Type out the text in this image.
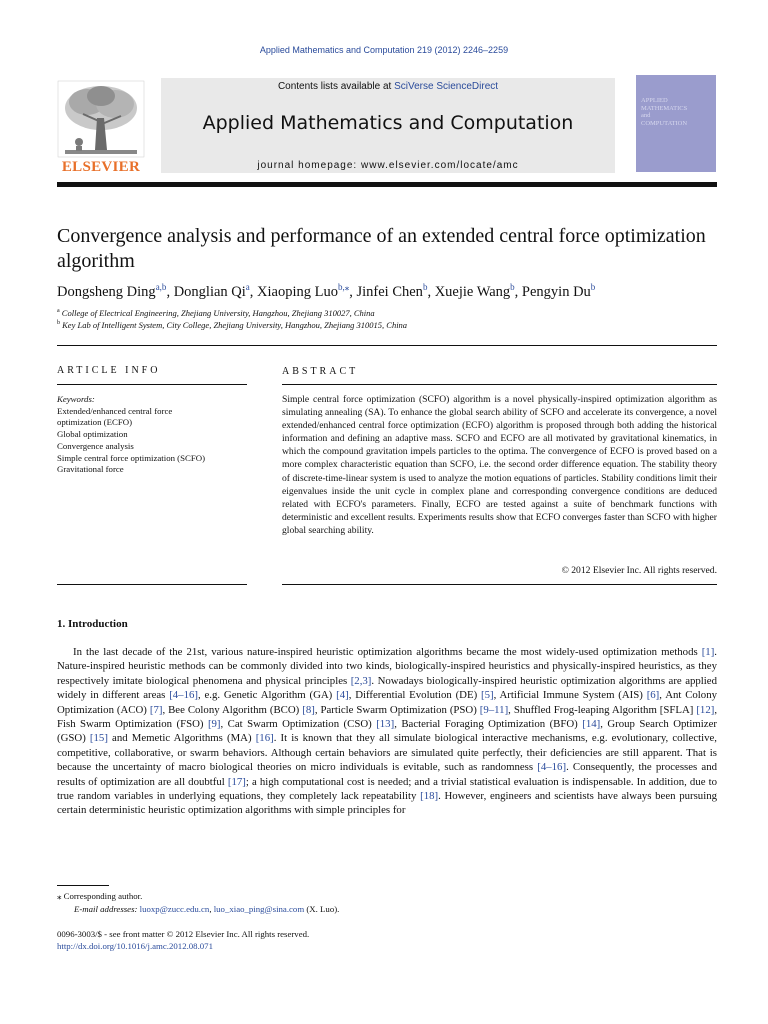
Applied Mathematics and Computation 219 (2012) 2246–2259
ELSEVIER
Contents lists available at SciVerse ScienceDirect
Applied Mathematics and Computation
journal homepage: www.elsevier.com/locate/amc
APPLIED
MATHEMATICS
and
COMPUTATION
Convergence analysis and performance of an extended central force optimization algorithm
Dongsheng Ding$^{a,b}$, Donglian Qi$^a$, Xiaoping Luo$^{b,⁎}$, Jinfei Chen$^b$, Xuejie Wang$^b$, Pengyin Du$^b$
$^a$ College of Electrical Engineering, Zhejiang University, Hangzhou, Zhejiang 310027, China
$^b$ Key Lab of Intelligent System, City College, Zhejiang University, Hangzhou, Zhejiang 310015, China
ARTICLE INFO
Keywords:
Extended/enhanced central force
optimization (ECFO)
Global optimization
Convergence analysis
Simple central force optimization (SCFO)
Gravitational force
ABSTRACT
Simple central force optimization (SCFO) algorithm is a novel physically-inspired optimization algorithm as simulating annealing (SA). To enhance the global search ability of SCFO and accelerate its convergence, a novel extended/enhanced central force optimization (ECFO) algorithm is proposed through both adding the historical information and defining an adaptive mass. SCFO and ECFO are all motivated by gravitational kinematics, in which the compound gravitation impels particles to the optima. The convergence of ECFO is proved based on a more complex characteristic equation than SCFO, i.e. the second order difference equation. The stability theory of discrete-time-linear system is used to analyze the motion equations of particles. Stability conditions limit their eigenvalues inside the unit cycle in complex plane and corresponding convergence conditions are deduced related with ECFO's parameters. Finally, ECFO are tested against a suite of benchmark functions with deterministic and excellent results. Experiments results show that ECFO converges faster than SCFO with higher global searching ability.
© 2012 Elsevier Inc. All rights reserved.
1. Introduction
In the last decade of the 21st, various nature-inspired heuristic optimization algorithms became the most widely-used optimization methods [1]. Nature-inspired heuristic methods can be commonly divided into two kinds, biologically-inspired heuristics and physically-inspired heuristics, as they respectively imitate biological phenomena and physical principles [2,3]. Nowadays biologically-inspired heuristic optimization algorithms are applied widely in different areas [4–16], e.g. Genetic Algorithm (GA) [4], Differential Evolution (DE) [5], Artificial Immune System (AIS) [6], Ant Colony Optimization (ACO) [7], Bee Colony Algorithm (BCO) [8], Particle Swarm Optimization (PSO) [9–11], Shuffled Frog-leaping Algorithm [SFLA] [12], Fish Swarm Optimization (FSO) [9], Cat Swarm Optimization (CSO) [13], Bacterial Foraging Optimization (BFO) [14], Group Search Optimizer (GSO) [15] and Memetic Algorithms (MA) [16]. It is known that they all simulate biological interactive mechanisms, e.g. evolutionary, collective, competitive, collaborative, or swarm behaviors. Although certain behaviors are simulated quite perfectly, their deficiencies are still apparent. That is because the uncertainty of macro biological theories on micro individuals is evitable, such as randomness [4–16]. Consequently, the processes and results of optimization are all doubtful [17]; a high computational cost is needed; and a trivial statistical evaluation is indispensable. In addition, due to true random variables in underlying equations, they completely lack repeatability [18]. However, engineers and scientists have always been pursuing certain deterministic heuristic optimization algorithms with simple principles for
⁎ Corresponding author.
E-mail addresses: luoxp@zucc.edu.cn, luo_xiao_ping@sina.com (X. Luo).
0096-3003/$ - see front matter © 2012 Elsevier Inc. All rights reserved.
http://dx.doi.org/10.1016/j.amc.2012.08.071
